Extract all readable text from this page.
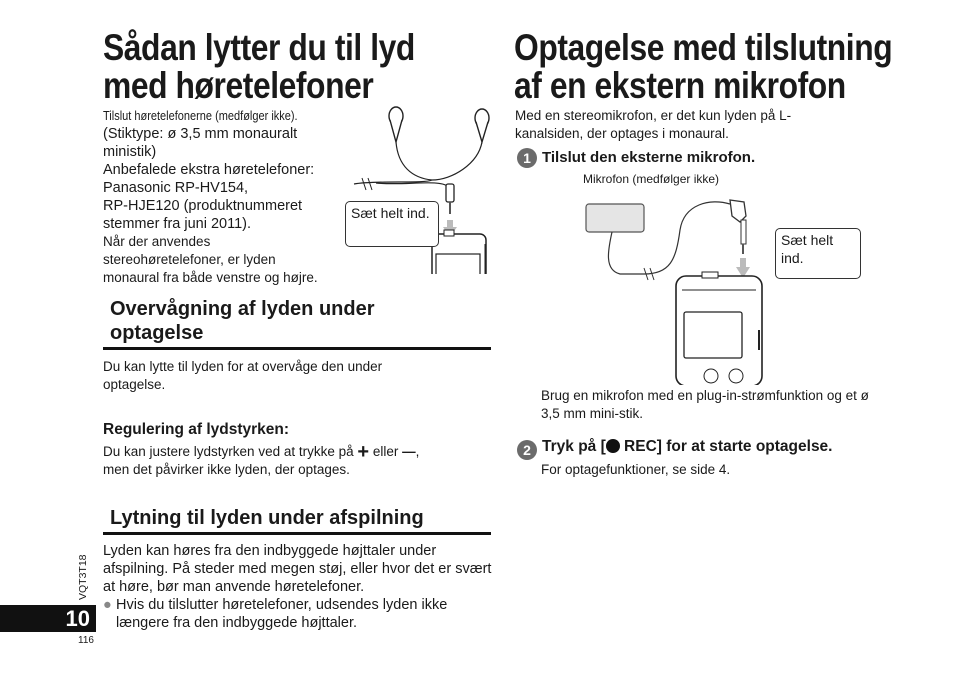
Sådan lytter du til lyd
med høretelefoner
Tilslut høretelefonerne (medfølger ikke).
(Stiktype: ø 3,5 mm monauralt
ministik)
Anbefalede ekstra høretelefoner:
Panasonic RP-HV154,
RP-HJE120 (produktnummeret
stemmer fra juni 2011).
Når der anvendes
stereohøretelefoner, er lyden
monaural fra både venstre og højre.
Sæt helt ind.
Overvågning af lyden under optagelse
Du kan lytte til lyden for at overvåge den under optagelse.
Regulering af lydstyrken:
Du kan justere lydstyrken ved at trykke på + eller —,
men det påvirker ikke lyden, der optages.
Lytning til lyden under afspilning
Lyden kan høres fra den indbyggede højttaler under afspilning. På steder med megen støj, eller hvor det er svært at høre, bør man anvende høretelefoner.
● Hvis du tilslutter høretelefoner, udsendes lyden ikke længere fra den indbyggede højttaler.
Optagelse med tilslutning
af en ekstern mikrofon
Med en stereomikrofon, er det kun lyden på L-kanalsiden, der optages i monaural.
1 Tilslut den eksterne mikrofon.
Mikrofon (medfølger ikke)
Sæt helt ind.
Brug en mikrofon med en plug-in-strømfunktion og et ø 3,5 mm mini-stik.
2 Tryk på [ REC] for at starte optagelse.
For optagefunktioner, se side 4.
VQT3T18
10
116
